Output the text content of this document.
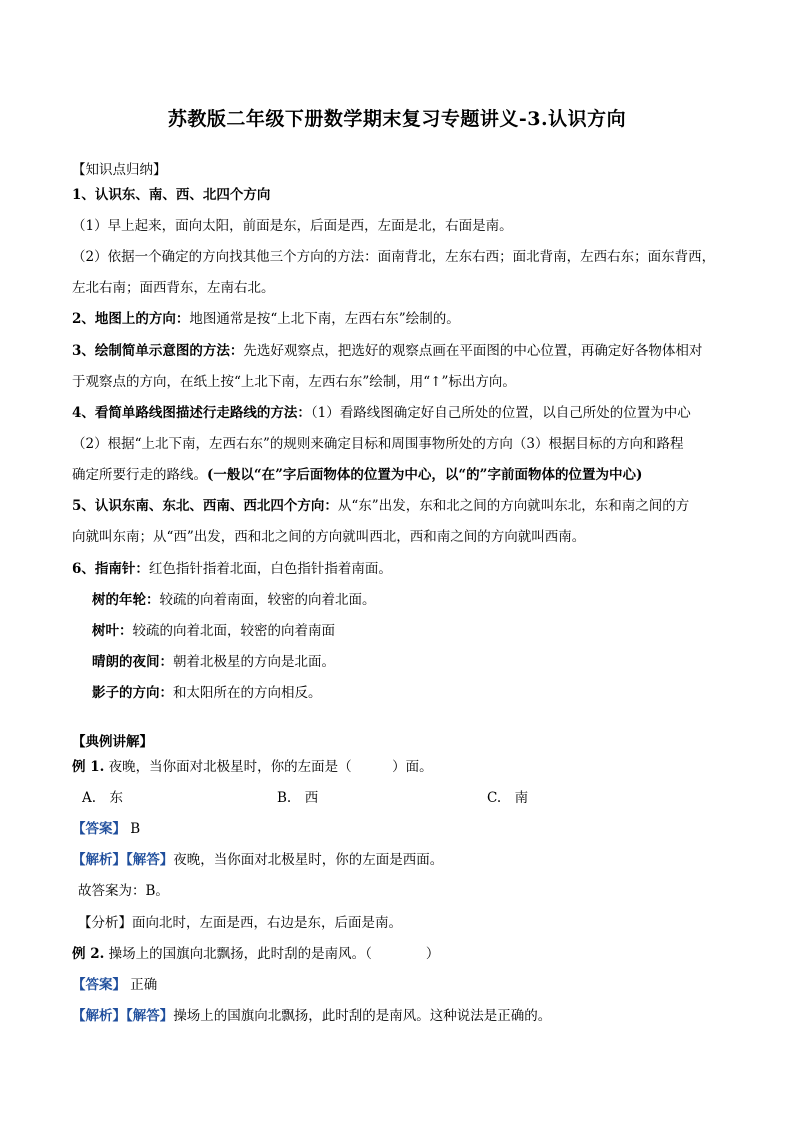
苏教版二年级下册数学期末复习专题讲义-3.认识方向
【知识点归纳】
1、认识东、南、西、北四个方向
（1）早上起来，面向太阳，前面是东，后面是西，左面是北，右面是南。
（2）依据一个确定的方向找其他三个方向的方法：面南背北，左东右西；面北背南，左西右东；面东背西，
左北右南；面西背东，左南右北。
2、地图上的方向：地图通常是按“上北下南，左西右东”绘制的。
3、绘制简单示意图的方法：先选好观察点，把选好的观察点画在平面图的中心位置，再确定好各物体相对
于观察点的方向，在纸上按“上北下南，左西右东”绘制，用“↑”标出方向。
4、看简单路线图描述行走路线的方法：（1）看路线图确定好自己所处的位置，以自己所处的位置为中心
（2）根据“上北下南，左西右东”的规则来确定目标和周围事物所处的方向（3）根据目标的方向和路程
确定所要行走的路线。(一般以“在”字后面物体的位置为中心，以“的”字前面物体的位置为中心)
5、认识东南、东北、西南、西北四个方向：从“东”出发，东和北之间的方向就叫东北，东和南之间的方
向就叫东南；从“西”出发，西和北之间的方向就叫西北，西和南之间的方向就叫西南。
6、指南针：红色指针指着北面，白色指针指着南面。
树的年轮：较疏的向着南面，较密的向着北面。
树叶：较疏的向着北面，较密的向着南面
晴朗的夜间：朝着北极星的方向是北面。
影子的方向：和太阳所在的方向相反。
【典例讲解】
例 1. 夜晚，当你面对北极星时，你的左面是（　　　）面。
A.　东	B.　西	C.　南
【答案】 B
【解析】【解答】夜晚，当你面对北极星时，你的左面是西面。
故答案为：B。
【分析】面向北时，左面是西，右边是东，后面是南。
例 2. 操场上的国旗向北飘扬，此时刮的是南风。（　　　　）
【答案】 正确
【解析】【解答】操场上的国旗向北飘扬，此时刮的是南风。这种说法是正确的。
